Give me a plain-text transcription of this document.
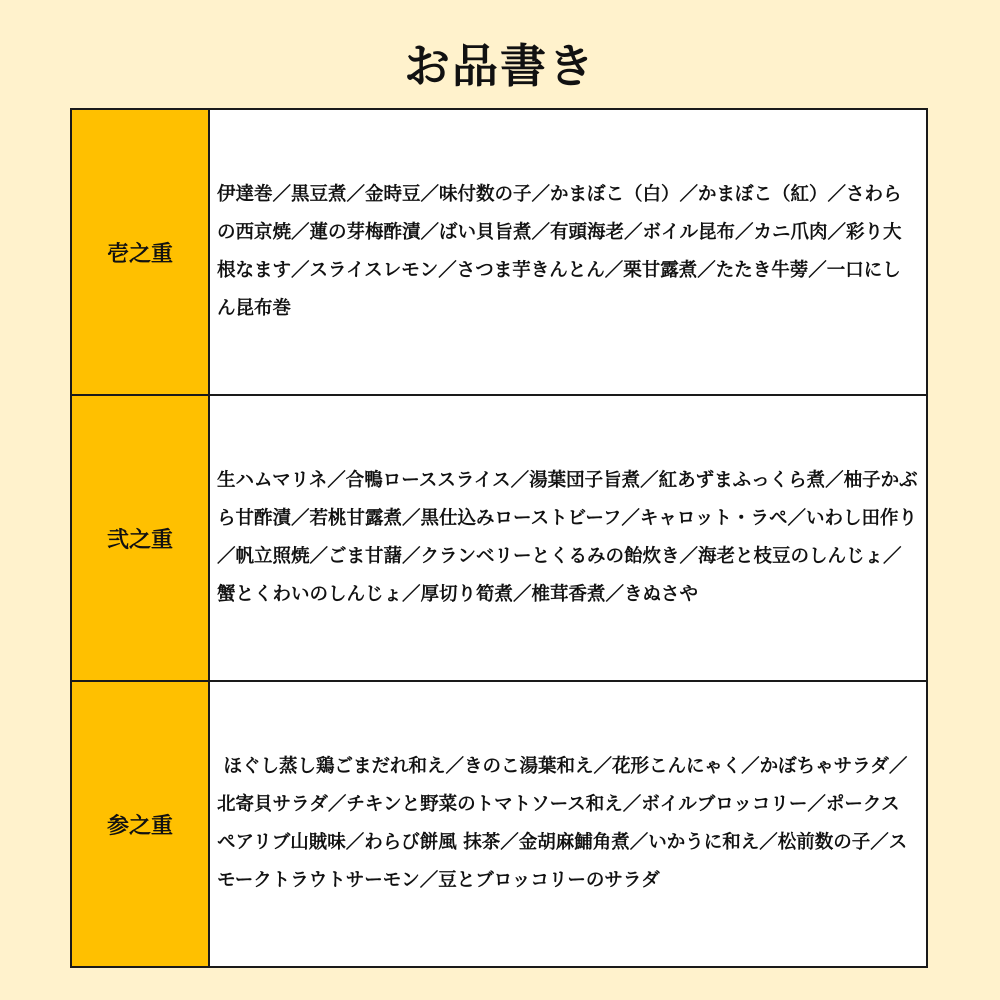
お品書き
壱之重
伊達巻／黒豆煮／金時豆／味付数の子／かまぼこ（白）／かまぼこ（紅）／さわらの西京焼／蓮の芽梅酢漬／ばい貝旨煮／有頭海老／ボイル昆布／カニ爪肉／彩り大根なます／スライスレモン／さつま芋きんとん／栗甘露煮／たたき牛蒡／一口にしん昆布巻
弐之重
生ハムマリネ／合鴨ローススライス／湯葉団子旨煮／紅あずまふっくら煮／柚子かぶら甘酢漬／若桃甘露煮／黒仕込みローストビーフ／キャロット・ラペ／いわし田作り／帆立照焼／ごま甘藷／クランベリーとくるみの飴炊き／海老と枝豆のしんじょ／蟹とくわいのしんじょ／厚切り筍煮／椎茸香煮／きぬさや
参之重
ほぐし蒸し鶏ごまだれ和え／きのこ湯葉和え／花形こんにゃく／かぼちゃサラダ／北寄貝サラダ／チキンと野菜のトマトソース和え／ボイルブロッコリー／ポークスペアリブ山賊味／わらび餅風 抹茶／金胡麻鯆角煮／いかうに和え／松前数の子／スモークトラウトサーモン／豆とブロッコリーのサラダ
